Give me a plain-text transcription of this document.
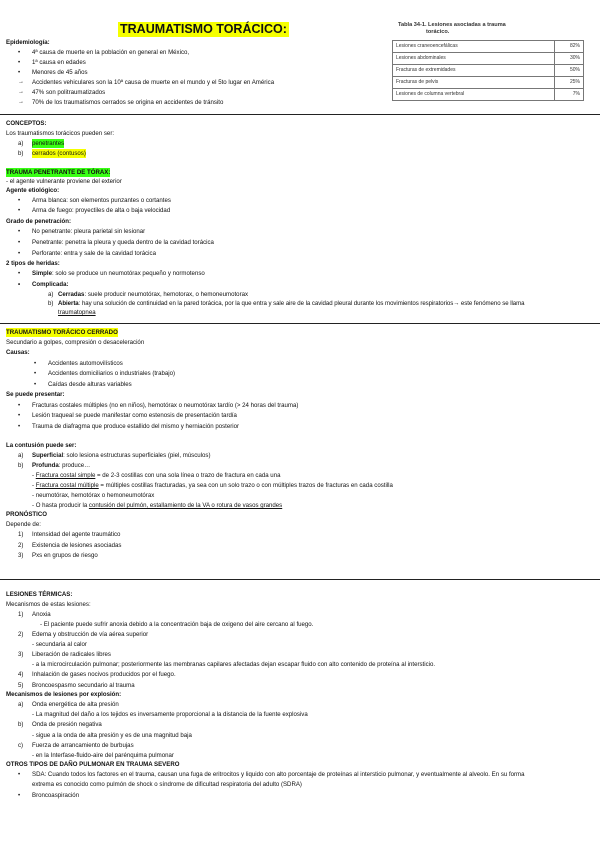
TRAUMATISMO TORÁCICO:	Tabla 34-1. Lesiones asociadas a trauma
torácico.
Lesiones craneoencefálicas	82%
Lesiones abdominales	30%
Fracturas de extremidades	50%
Fracturas de pelvis	25%
Lesiones de columna vertebral	7%
Epidemiología:
• 4ª causa de muerte en la población en general en México,
• 1ª causa en edades
• Menores de 45 años
→ Accidentes vehiculares son la 10ª causa de muerte en el mundo y el 5to lugar en América
→ 47% son politraumatizados
→ 70% de los traumatismos cerrados se origina en accidentes de tránsito
CONCEPTOS:
Los traumatismos torácicos pueden ser:
a) penetrantes
b) cerrados (contusos)
TRAUMA PENETRANTE DE TÓRAX:
- el agente vulnerante proviene del exterior
Agente etiológico:
• Arma blanca: son elementos punzantes o cortantes
• Arma de fuego: proyectiles de alta o baja velocidad
Grado de penetración:
• No penetrante: pleura parietal sin lesionar
• Penetrante: penetra la pleura y queda dentro de la cavidad torácica
• Perforante: entra y sale de la cavidad torácica
2 tipos de heridas:
• Simple: solo se produce un neumotórax pequeño y normotenso
• Complicada:
a) Cerradas: suele producir neumotórax, hemotorax, o hemoneumotorax
b) Abierta: hay una solución de continuidad en la pared torácica, por la que entra y sale aire de la cavidad pleural durante los movimientos respiratorios→ este fenómeno se llama
traumatopnea
TRAUMATISMO TORÁCICO CERRADO
Secundario a golpes, compresión o desaceleración
Causas:
• Accidentes automovilísticos
• Accidentes domiciliarios o industriales (trabajo)
• Caídas desde alturas variables
Se puede presentar:
• Fracturas costales múltiples (no en niños), hemotórax o neumotórax tardío (> 24 horas del trauma)
• Lesión traqueal se puede manifestar como estenosis de presentación tardía
• Trauma de diafragma que produce estallido del mismo y herniación posterior
La contusión puede ser:
a) Superficial: solo lesiona estructuras superficiales (piel, músculos)
b) Profunda: produce…
- Fractura costal simple = de 2-3 costillas con una sola línea o trazo de fractura en cada una
- Fractura costal múltiple = múltiples costillas fracturadas, ya sea con un solo trazo o con múltiples trazos de fracturas en cada costilla
- neumotórax, hemotórax o hemoneumotórax
- O hasta producir la contusión del pulmón, estallamiento de la VA o rotura de vasos grandes
PRONÓSTICO
Depende de:
1) Intensidad del agente traumático
2) Existencia de lesiones asociadas
3) Pxs en grupos de riesgo
LESIONES TÉRMICAS:
Mecanismos de estas lesiones:
1) Anoxia
- El paciente puede sufrir anoxia debido a la concentración baja de oxigeno del aire cercano al fuego.
2) Edema y obstrucción de vía aérea superior
- secundaria al calor
3) Liberación de radicales libres
- a la microcirculación pulmonar; posteriormente las membranas capilares afectadas dejan escapar fluido con alto contenido de proteína al intersticio.
4) Inhalación de gases nocivos producidos por el fuego.
5) Broncoespasmo secundario al trauma
Mecanismos de lesiones por explosión:
a) Onda energética de alta presión
- La magnitud del daño a los tejidos es inversamente proporcional a la distancia de la fuente explosiva
b) Onda de presión negativa
- sigue a la onda de alta presión y es de una magnitud baja
c) Fuerza de arrancamiento de burbujas
- en la Interfase-fluido-aire del parénquima pulmonar
OTROS TIPOS DE DAÑO PULMONAR EN TRAUMA SEVERO
• SDA: Cuando todos los factores en el trauma, causan una fuga de eritrocitos y liquido con alto porcentaje de proteínas al intersticio pulmonar, y eventualmente al alveolo. En su forma
extrema es conocido como pulmón de shock o síndrome de dificultad respiratoria del adulto (SDRA)
• Broncoaspiración
